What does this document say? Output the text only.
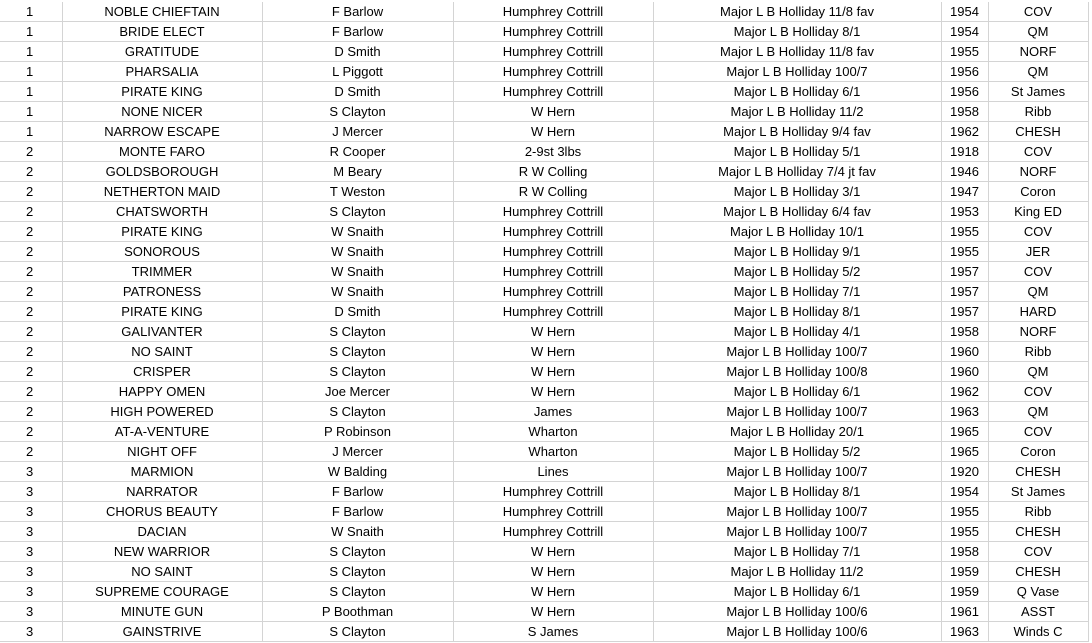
1	NOBLE CHIEFTAIN	F Barlow	Humphrey Cottrill	Major L B Holliday 11/8 fav	1954	COV
1	BRIDE ELECT	F Barlow	Humphrey Cottrill	Major L B Holliday 8/1	1954	QM
1	GRATITUDE	D Smith	Humphrey Cottrill	Major L B Holliday 11/8 fav	1955	NORF
1	PHARSALIA	L Piggott	Humphrey Cottrill	Major L B Holliday 100/7	1956	QM
1	PIRATE KING	D Smith	Humphrey Cottrill	Major L B Holliday 6/1	1956	St James
1	NONE NICER	S Clayton	W Hern	Major L B Holliday 11/2	1958	Ribb
1	NARROW ESCAPE	J Mercer	W Hern	Major L B Holliday 9/4 fav	1962	CHESH
2	MONTE FARO	R Cooper	2-9st 3lbs	Major L B Holliday 5/1	1918	COV
2	GOLDSBOROUGH	M Beary	R W Colling	Major L B Holliday 7/4 jt fav	1946	NORF
2	NETHERTON MAID	T Weston	R W Colling	Major L B Holliday 3/1	1947	Coron
2	CHATSWORTH	S Clayton	Humphrey Cottrill	Major L B Holliday 6/4 fav	1953	King ED
2	PIRATE KING	W Snaith	Humphrey Cottrill	Major L B Holliday 10/1	1955	COV
2	SONOROUS	W Snaith	Humphrey Cottrill	Major L B Holliday 9/1	1955	JER
2	TRIMMER	W Snaith	Humphrey Cottrill	Major L B Holliday 5/2	1957	COV
2	PATRONESS	W Snaith	Humphrey Cottrill	Major L B Holliday 7/1	1957	QM
2	PIRATE KING	D Smith	Humphrey Cottrill	Major L B Holliday 8/1	1957	HARD
2	GALIVANTER	S Clayton	W Hern	Major L B Holliday 4/1	1958	NORF
2	NO SAINT	S Clayton	W Hern	Major L B Holliday 100/7	1960	Ribb
2	CRISPER	S Clayton	W Hern	Major L B Holliday 100/8	1960	QM
2	HAPPY OMEN	Joe Mercer	W Hern	Major L B Holliday 6/1	1962	COV
2	HIGH POWERED	S Clayton	James	Major L B Holliday 100/7	1963	QM
2	AT-A-VENTURE	P Robinson	Wharton	Major L B Holliday 20/1	1965	COV
2	NIGHT OFF	J Mercer	Wharton	Major L B Holliday 5/2	1965	Coron
3	MARMION	W Balding	Lines	Major L B Holliday 100/7	1920	CHESH
3	NARRATOR	F Barlow	Humphrey Cottrill	Major L B Holliday 8/1	1954	St James
3	CHORUS BEAUTY	F Barlow	Humphrey Cottrill	Major L B Holliday 100/7	1955	Ribb
3	DACIAN	W Snaith	Humphrey Cottrill	Major L B Holliday 100/7	1955	CHESH
3	NEW WARRIOR	S Clayton	W Hern	Major L B Holliday 7/1	1958	COV
3	NO SAINT	S Clayton	W Hern	Major L B Holliday 11/2	1959	CHESH
3	SUPREME COURAGE	S Clayton	W Hern	Major L B Holliday 6/1	1959	Q Vase
3	MINUTE GUN	P Boothman	W Hern	Major L B Holliday 100/6	1961	ASST
3	GAINSTRIVE	S Clayton	S James	Major L B Holliday 100/6	1963	Winds C
